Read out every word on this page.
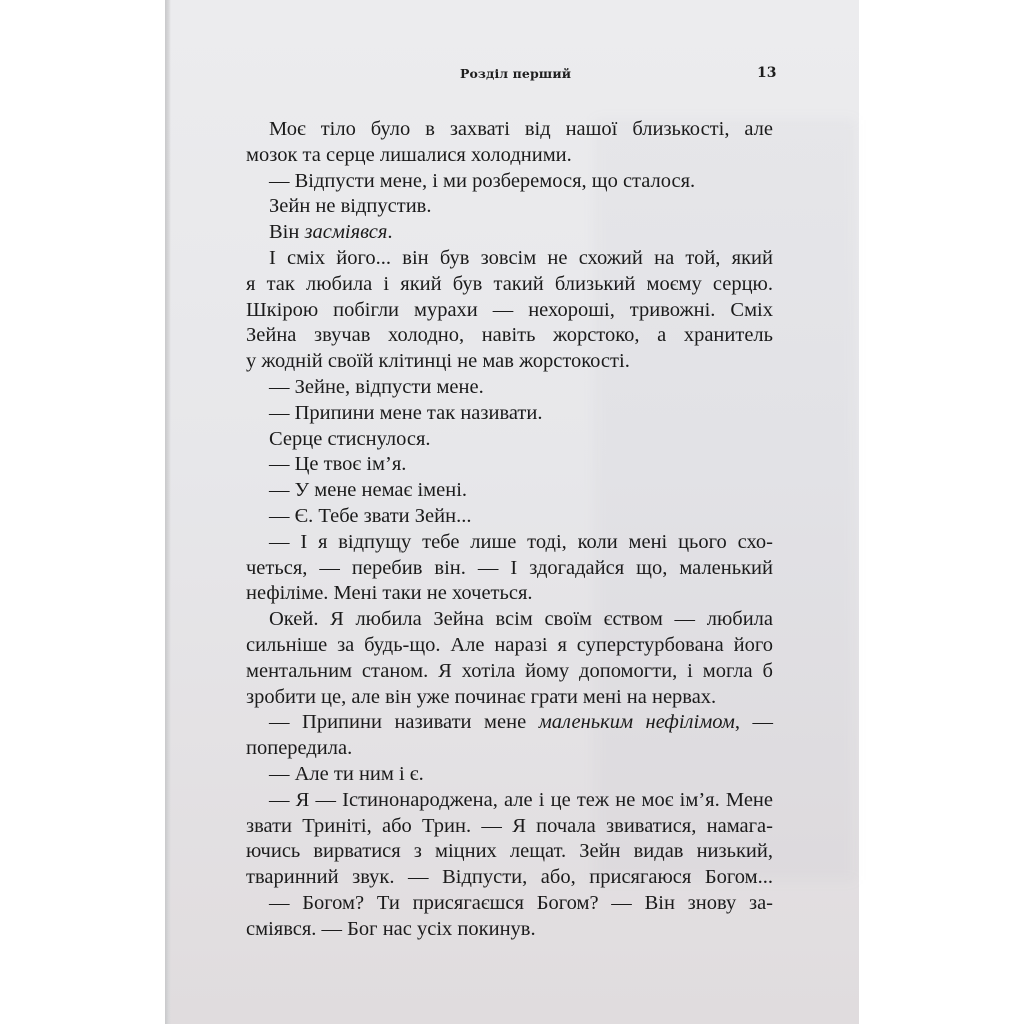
Розділ перший	13
Моє тіло було в захваті від нашої близькості, але
мозок та серце лишалися холодними.
— Відпусти мене, і ми розберемося, що сталося.
Зейн не відпустив.
Він засміявся.
І сміх його... він був зовсім не схожий на той, який
я так любила і який був такий близький моєму серцю.
Шкірою побігли мурахи — нехороші, тривожні. Сміх
Зейна звучав холодно, навіть жорстоко, а хранитель
у жодній своїй клітинці не мав жорстокості.
— Зейне, відпусти мене.
— Припини мене так називати.
Серце стиснулося.
— Це твоє ім’я.
— У мене немає імені.
— Є. Тебе звати Зейн...
— І я відпущу тебе лише тоді, коли мені цього схо-
четься, — перебив він. — І здогадайся що, маленький
нефіліме. Мені таки не хочеться.
Окей. Я любила Зейна всім своїм єством — любила
сильніше за будь-що. Але наразі я суперстурбована його
ментальним станом. Я хотіла йому допомогти, і могла б
зробити це, але він уже починає грати мені на нервах.
— Припини називати мене маленьким нефілімом, —
попередила.
— Але ти ним і є.
— Я — Істинонароджена, але і це теж не моє ім’я. Мене
звати Триніті, або Трин. — Я почала звиватися, намага-
ючись вирватися з міцних лещат. Зейн видав низький,
тваринний звук. — Відпусти, або, присягаюся Богом...
— Богом? Ти присягаєшся Богом? — Він знову за-
сміявся. — Бог нас усіх покинув.
